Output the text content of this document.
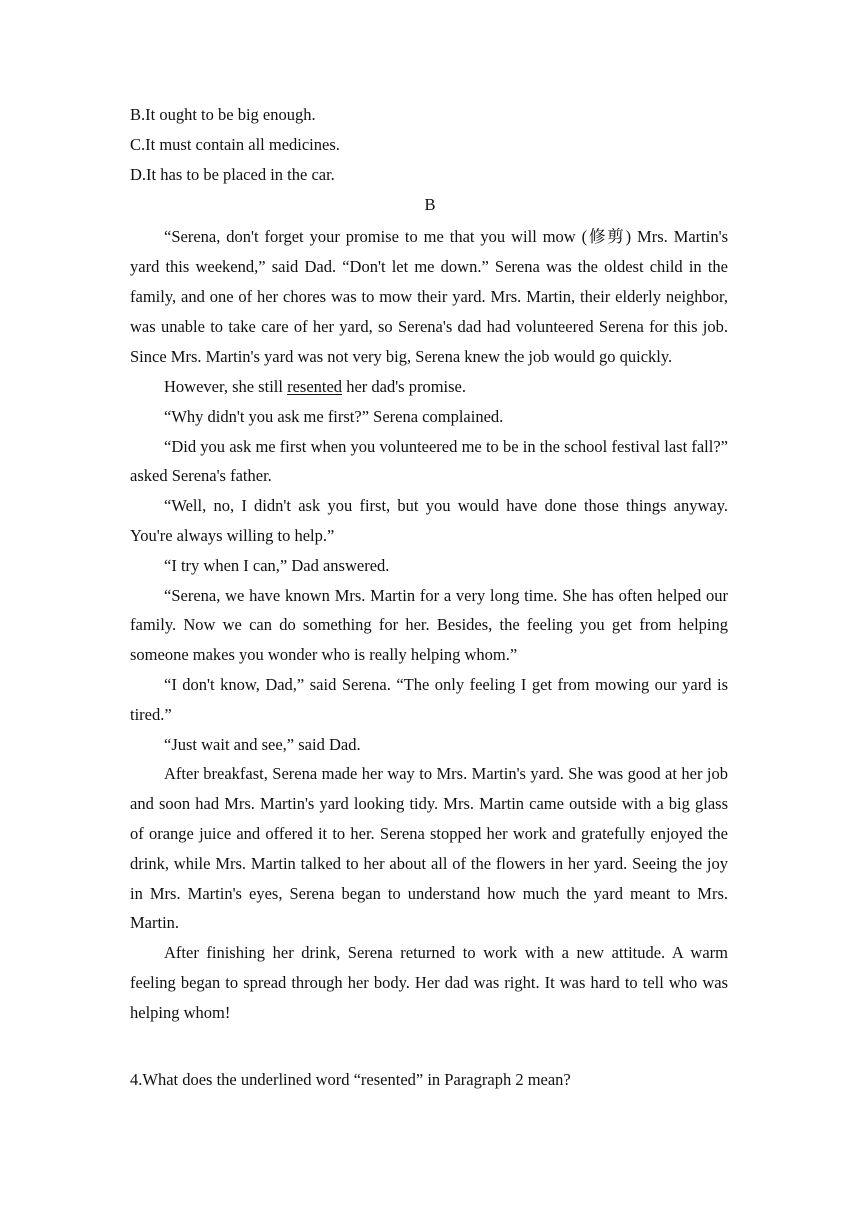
B.It ought to be big enough.
C.It must contain all medicines.
D.It has to be placed in the car.
B

“Serena, don't forget your promise to me that you will mow (修剪) Mrs. Martin's yard this weekend,” said Dad. “Don't let me down.” Serena was the oldest child in the family, and one of her chores was to mow their yard. Mrs. Martin, their elderly neighbor, was unable to take care of her yard, so Serena's dad had volunteered Serena for this job. Since Mrs. Martin's yard was not very big, Serena knew the job would go quickly.

However, she still resented her dad's promise.

“Why didn't you ask me first?” Serena complained.

“Did you ask me first when you volunteered me to be in the school festival last fall?” asked Serena's father.

“Well, no, I didn't ask you first, but you would have done those things anyway. You're always willing to help.”

“I try when I can,” Dad answered.

“Serena, we have known Mrs. Martin for a very long time. She has often helped our family. Now we can do something for her. Besides, the feeling you get from helping someone makes you wonder who is really helping whom.”

“I don't know, Dad,” said Serena. “The only feeling I get from mowing our yard is tired.”

“Just wait and see,” said Dad.

After breakfast, Serena made her way to Mrs. Martin's yard. She was good at her job and soon had Mrs. Martin's yard looking tidy. Mrs. Martin came outside with a big glass of orange juice and offered it to her. Serena stopped her work and gratefully enjoyed the drink, while Mrs. Martin talked to her about all of the flowers in her yard. Seeing the joy in Mrs. Martin's eyes, Serena began to understand how much the yard meant to Mrs. Martin.

After finishing her drink, Serena returned to work with a new attitude. A warm feeling began to spread through her body. Her dad was right. It was hard to tell who was helping whom!

4.What does the underlined word “resented” in Paragraph 2 mean?
